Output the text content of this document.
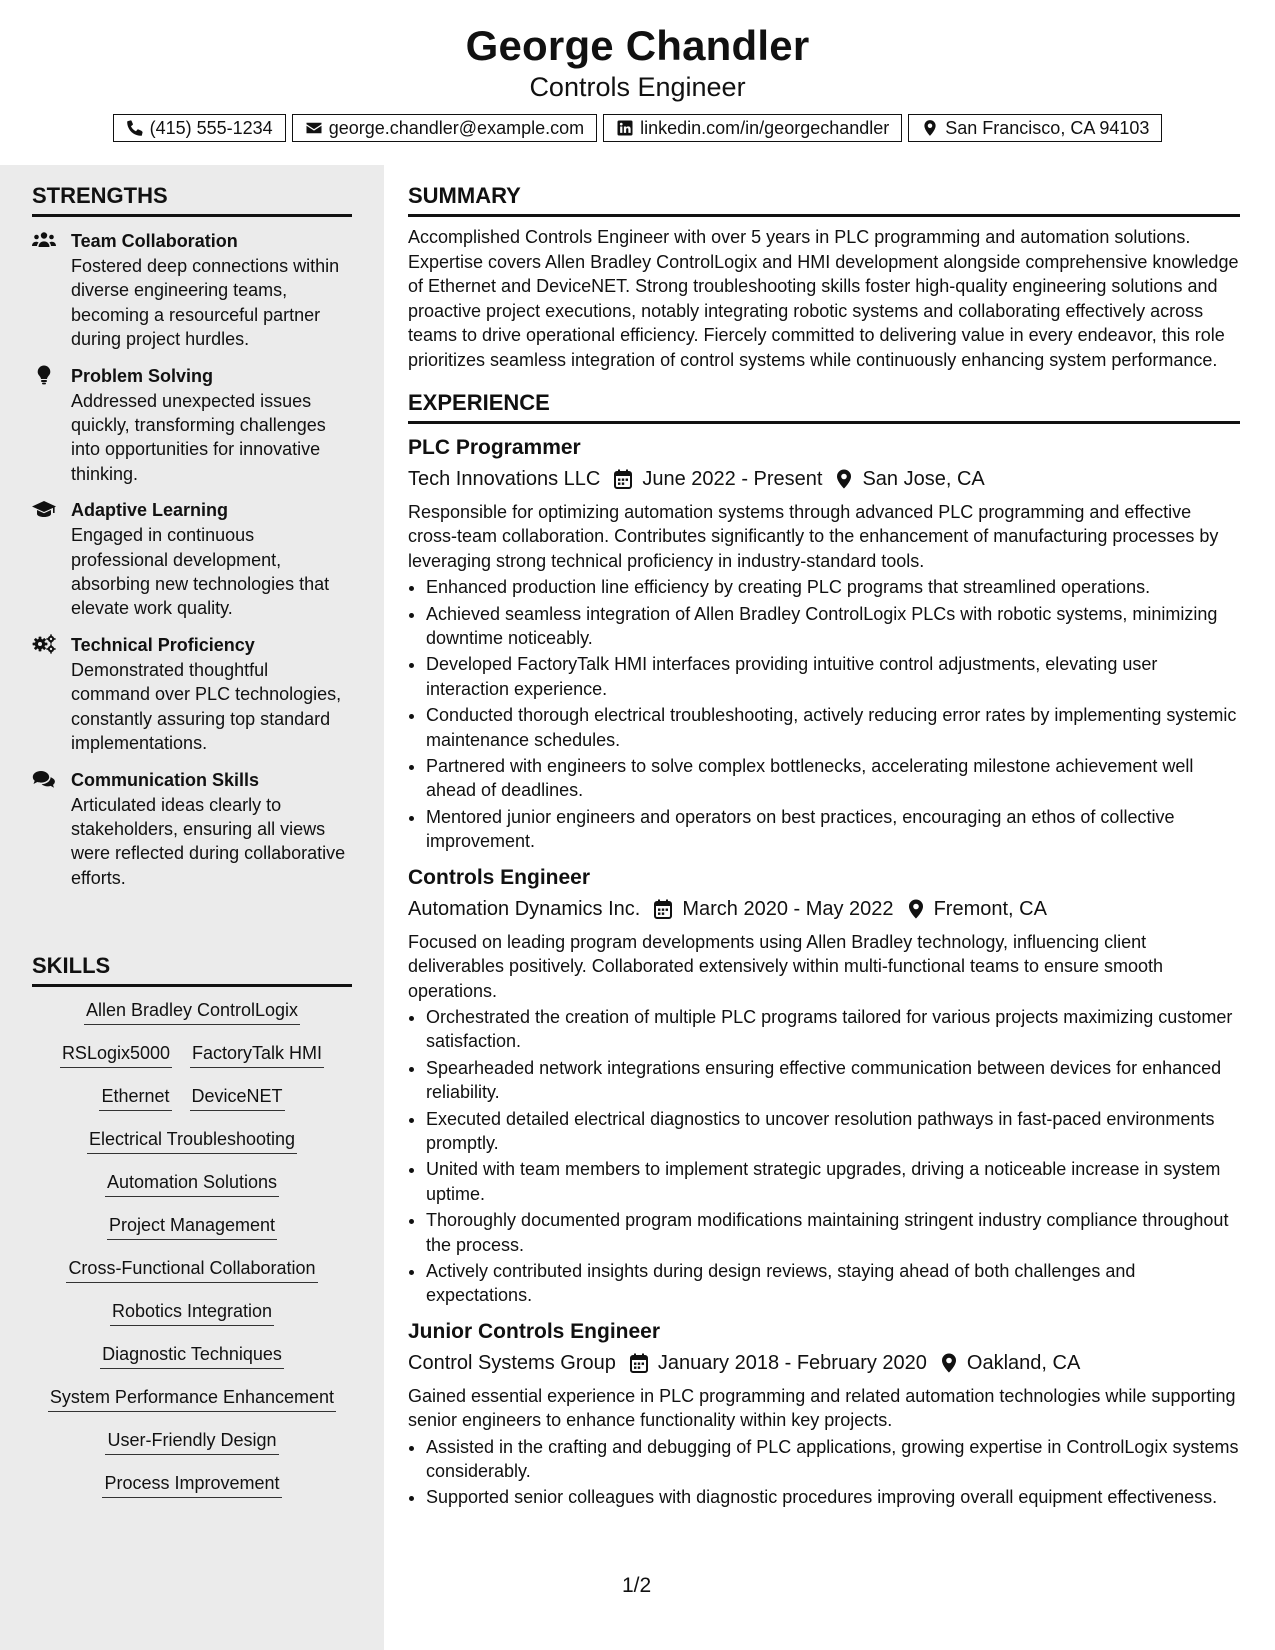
George Chandler
Controls Engineer
(415) 555-1234	george.chandler@example.com	linkedin.com/in/georgechandler	San Francisco, CA 94103
STRENGTHS
Team Collaboration
Fostered deep connections within diverse engineering teams, becoming a resourceful partner during project hurdles.
Problem Solving
Addressed unexpected issues quickly, transforming challenges into opportunities for innovative thinking.
Adaptive Learning
Engaged in continuous professional development, absorbing new technologies that elevate work quality.
Technical Proficiency
Demonstrated thoughtful command over PLC technologies, constantly assuring top standard implementations.
Communication Skills
Articulated ideas clearly to stakeholders, ensuring all views were reflected during collaborative efforts.
SKILLS
Allen Bradley ControlLogix
RSLogix5000 FactoryTalk HMI
Ethernet DeviceNET
Electrical Troubleshooting
Automation Solutions
Project Management
Cross-Functional Collaboration
Robotics Integration
Diagnostic Techniques
System Performance Enhancement
User-Friendly Design
Process Improvement
SUMMARY
Accomplished Controls Engineer with over 5 years in PLC programming and automation solutions. Expertise covers Allen Bradley ControlLogix and HMI development alongside comprehensive knowledge of Ethernet and DeviceNET. Strong troubleshooting skills foster high-quality engineering solutions and proactive project executions, notably integrating robotic systems and collaborating effectively across teams to drive operational efficiency. Fiercely committed to delivering value in every endeavor, this role prioritizes seamless integration of control systems while continuously enhancing system performance.
EXPERIENCE
PLC Programmer
Tech Innovations LLC June 2022 - Present San Jose, CA
Responsible for optimizing automation systems through advanced PLC programming and effective cross-team collaboration. Contributes significantly to the enhancement of manufacturing processes by leveraging strong technical proficiency in industry-standard tools.
• Enhanced production line efficiency by creating PLC programs that streamlined operations.
• Achieved seamless integration of Allen Bradley ControlLogix PLCs with robotic systems, minimizing downtime noticeably.
• Developed FactoryTalk HMI interfaces providing intuitive control adjustments, elevating user interaction experience.
• Conducted thorough electrical troubleshooting, actively reducing error rates by implementing systemic maintenance schedules.
• Partnered with engineers to solve complex bottlenecks, accelerating milestone achievement well ahead of deadlines.
• Mentored junior engineers and operators on best practices, encouraging an ethos of collective improvement.
Controls Engineer
Automation Dynamics Inc. March 2020 - May 2022 Fremont, CA
Focused on leading program developments using Allen Bradley technology, influencing client deliverables positively. Collaborated extensively within multi-functional teams to ensure smooth operations.
• Orchestrated the creation of multiple PLC programs tailored for various projects maximizing customer satisfaction.
• Spearheaded network integrations ensuring effective communication between devices for enhanced reliability.
• Executed detailed electrical diagnostics to uncover resolution pathways in fast-paced environments promptly.
• United with team members to implement strategic upgrades, driving a noticeable increase in system uptime.
• Thoroughly documented program modifications maintaining stringent industry compliance throughout the process.
• Actively contributed insights during design reviews, staying ahead of both challenges and expectations.
Junior Controls Engineer
Control Systems Group January 2018 - February 2020 Oakland, CA
Gained essential experience in PLC programming and related automation technologies while supporting senior engineers to enhance functionality within key projects.
• Assisted in the crafting and debugging of PLC applications, growing expertise in ControlLogix systems considerably.
• Supported senior colleagues with diagnostic procedures improving overall equipment effectiveness.
1/2
